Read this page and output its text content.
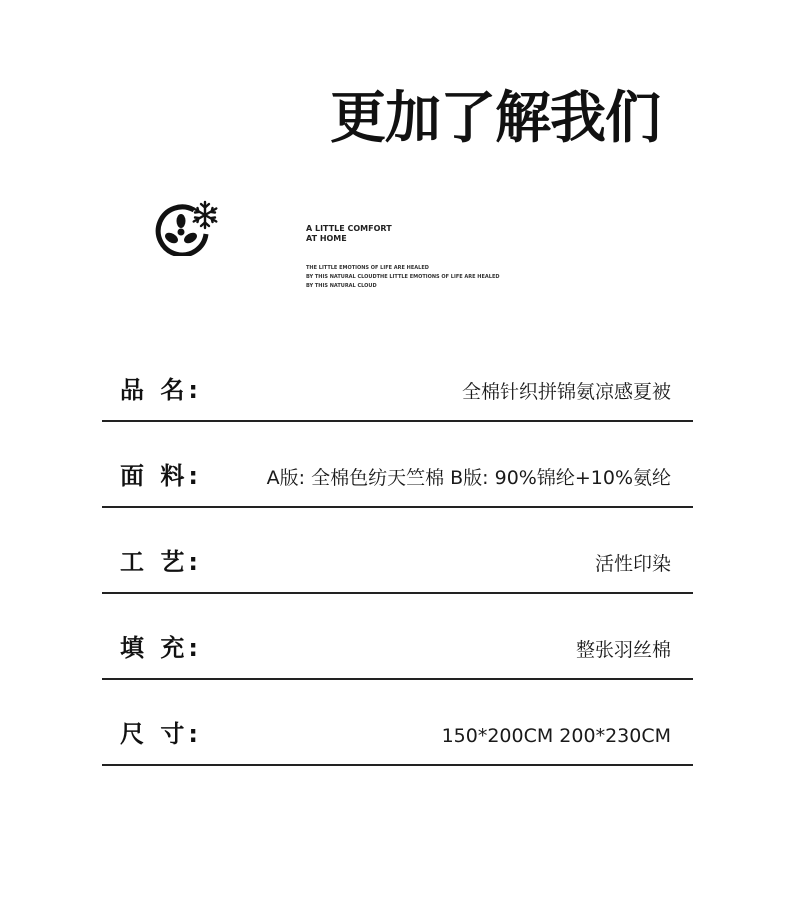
更加了解我们
A LITTLE COMFORT
AT HOME
THE LITTLE EMOTIONS OF LIFE ARE HEALED
BY THIS NATURAL CLOUDTHE LITTLE EMOTIONS OF LIFE ARE HEALED
BY THIS NATURAL CLOUD
品 名:	全棉针织拼锦氨凉感夏被
面 料:	A版: 全棉色纺天竺棉 B版: 90%锦纶+10%氨纶
工 艺:	活性印染
填 充:	整张羽丝棉
尺 寸:	150*200CM 200*230CM
